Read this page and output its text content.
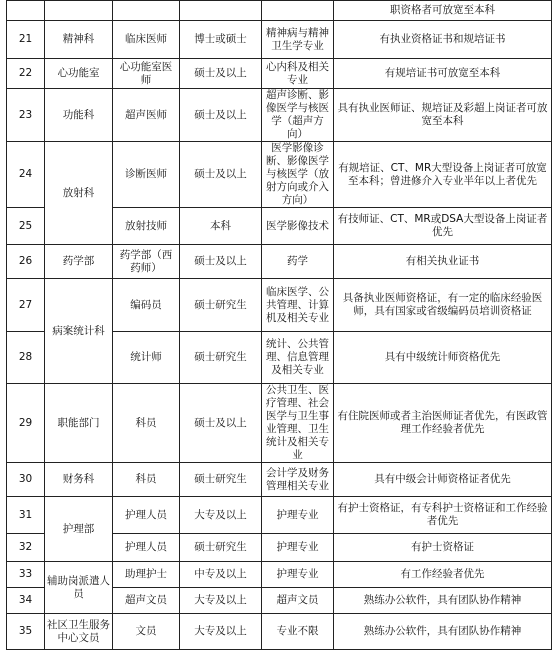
					职资格者可放宽至本科
21	精神科	临床医师	博士或硕士	精神病与精神卫生学专业	有执业资格证书和规培证书
22	心功能室	心功能室医师	硕士及以上	心内科及相关专业	有规培证书可放宽至本科
23	功能科	超声医师	硕士及以上	超声诊断、影像医学与核医学（超声方向）	具有执业医师证、规培证及彩超上岗证者可放宽至本科
24	放射科	诊断医师	硕士及以上	医学影像诊断、影像医学与核医学（放射方向或介入方向）	有规培证、CT、MR大型设备上岗证者可放宽至本科；曾进修介入专业半年以上者优先
25		放射技师	本科	医学影像技术	有技师证、CT、MR或DSA大型设备上岗证者优先
26	药学部	药学部（西药师）	硕士及以上	药学	有相关执业证书
27	病案统计科	编码员	硕士研究生	临床医学、公共管理、计算机及相关专业	具备执业医师资格证，有一定的临床经验医师，具有国家或省级编码员培训资格证
28		统计师	硕士研究生	统计、公共管理、信息管理及相关专业	具有中级统计师资格优先
29	职能部门	科员	硕士及以上	公共卫生、医疗管理、社会医学与卫生事业管理、卫生统计及相关专业	有住院医师或者主治医师证者优先，有医政管理工作经验者优先
30	财务科	科员	硕士研究生	会计学及财务管理相关专业	具有中级会计师资格证者优先
31	护理部	护理人员	大专及以上	护理专业	有护士资格证，有专科护士资格证和工作经验者优先
32		护理人员	硕士研究生	护理专业	有护士资格证
33	辅助岗派遣人员	助理护士	中专及以上	护理专业	有工作经验者优先
34		超声文员	大专及以上	超声文员	熟练办公软件，具有团队协作精神
35	社区卫生服务中心文员	文员	大专及以上	专业不限	熟练办公软件，具有团队协作精神
